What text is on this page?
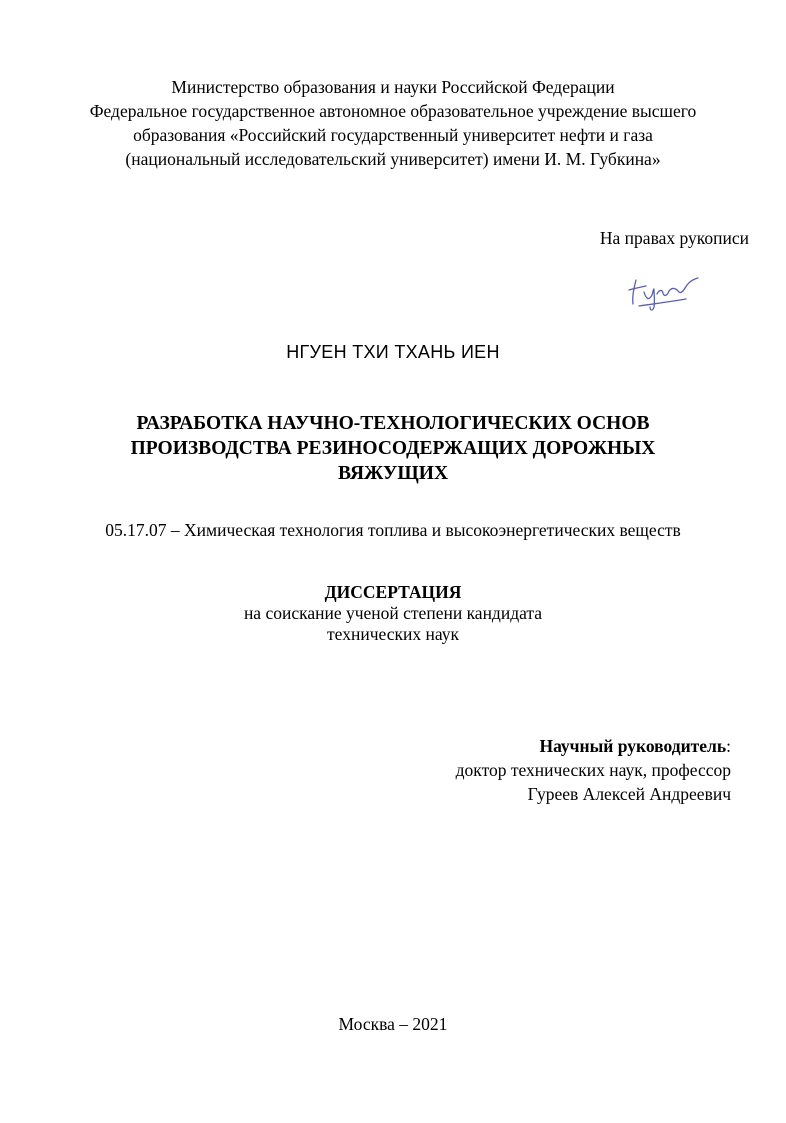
Министерство образования и науки Российской Федерации
Федеральное государственное автономное образовательное учреждение высшего
образования «Российский государственный университет нефти и газа
(национальный исследовательский университет) имени И. М. Губкина»
На правах рукописи
НГУЕН ТХИ ТХАНЬ ИЕН
РАЗРАБОТКА НАУЧНО-ТЕХНОЛОГИЧЕСКИХ ОСНОВ
ПРОИЗВОДСТВА РЕЗИНОСОДЕРЖАЩИХ ДОРОЖНЫХ
ВЯЖУЩИХ
05.17.07 – Химическая технология топлива и высокоэнергетических веществ
ДИССЕРТАЦИЯ
на соискание ученой степени кандидата
технических наук
Научный руководитель:
доктор технических наук, профессор
Гуреев Алексей Андреевич
Москва – 2021
